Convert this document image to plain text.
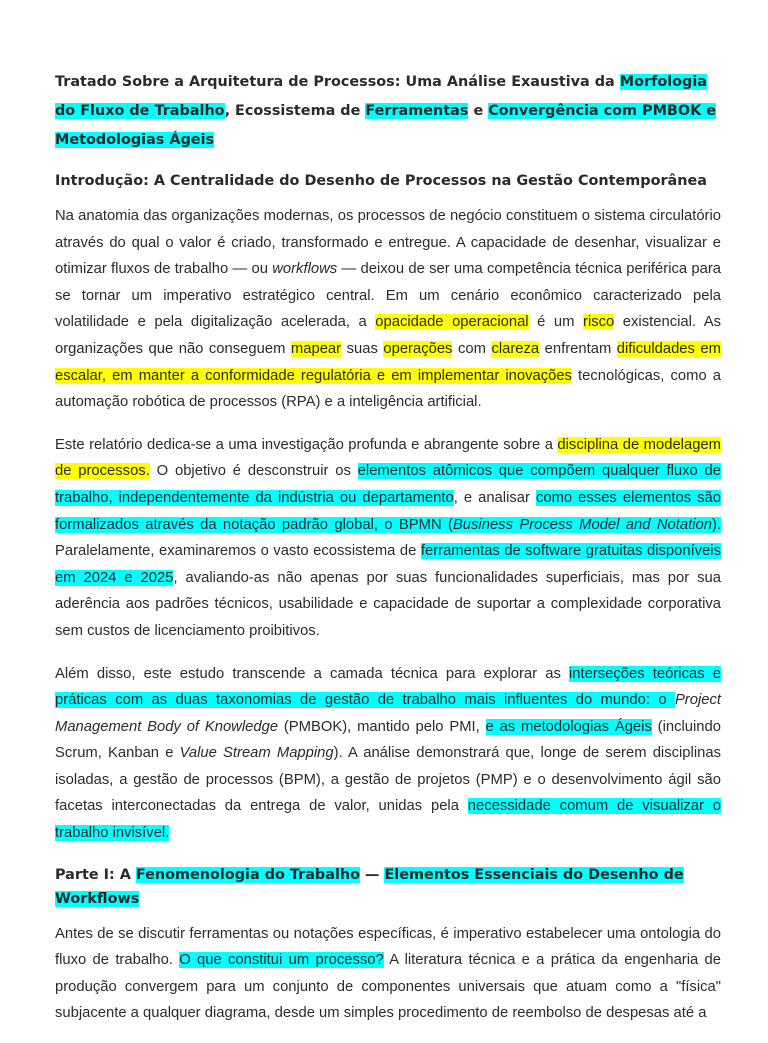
Tratado Sobre a Arquitetura de Processos: Uma Análise Exaustiva da Morfologia do Fluxo de Trabalho, Ecossistema de Ferramentas e Convergência com PMBOK e Metodologias Ágeis
Introdução: A Centralidade do Desenho de Processos na Gestão Contemporânea

Na anatomia das organizações modernas, os processos de negócio constituem o sistema circulatório através do qual o valor é criado, transformado e entregue. A capacidade de desenhar, visualizar e otimizar fluxos de trabalho — ou workflows — deixou de ser uma competência técnica periférica para se tornar um imperativo estratégico central. Em um cenário econômico caracterizado pela volatilidade e pela digitalização acelerada, a opacidade operacional é um risco existencial. As organizações que não conseguem mapear suas operações com clareza enfrentam dificuldades em escalar, em manter a conformidade regulatória e em implementar inovações tecnológicas, como a automação robótica de processos (RPA) e a inteligência artificial.

Este relatório dedica-se a uma investigação profunda e abrangente sobre a disciplina de modelagem de processos. O objetivo é desconstruir os elementos atômicos que compõem qualquer fluxo de trabalho, independentemente da indústria ou departamento, e analisar como esses elementos são formalizados através da notação padrão global, o BPMN (Business Process Model and Notation). Paralelamente, examinaremos o vasto ecossistema de ferramentas de software gratuitas disponíveis em 2024 e 2025, avaliando-as não apenas por suas funcionalidades superficiais, mas por sua aderência aos padrões técnicos, usabilidade e capacidade de suportar a complexidade corporativa sem custos de licenciamento proibitivos.

Além disso, este estudo transcende a camada técnica para explorar as interseções teóricas e práticas com as duas taxonomias de gestão de trabalho mais influentes do mundo: o Project Management Body of Knowledge (PMBOK), mantido pelo PMI, e as metodologias Ágeis (incluindo Scrum, Kanban e Value Stream Mapping). A análise demonstrará que, longe de serem disciplinas isoladas, a gestão de processos (BPM), a gestão de projetos (PMP) e o desenvolvimento ágil são facetas interconectadas da entrega de valor, unidas pela necessidade comum de visualizar o trabalho invisível.

Parte I: A Fenomenologia do Trabalho — Elementos Essenciais do Desenho de Workflows

Antes de se discutir ferramentas ou notações específicas, é imperativo estabelecer uma ontologia do fluxo de trabalho. O que constitui um processo? A literatura técnica e a prática da engenharia de produção convergem para um conjunto de componentes universais que atuam como a "física" subjacente a qualquer diagrama, desde um simples procedimento de reembolso de despesas até a
